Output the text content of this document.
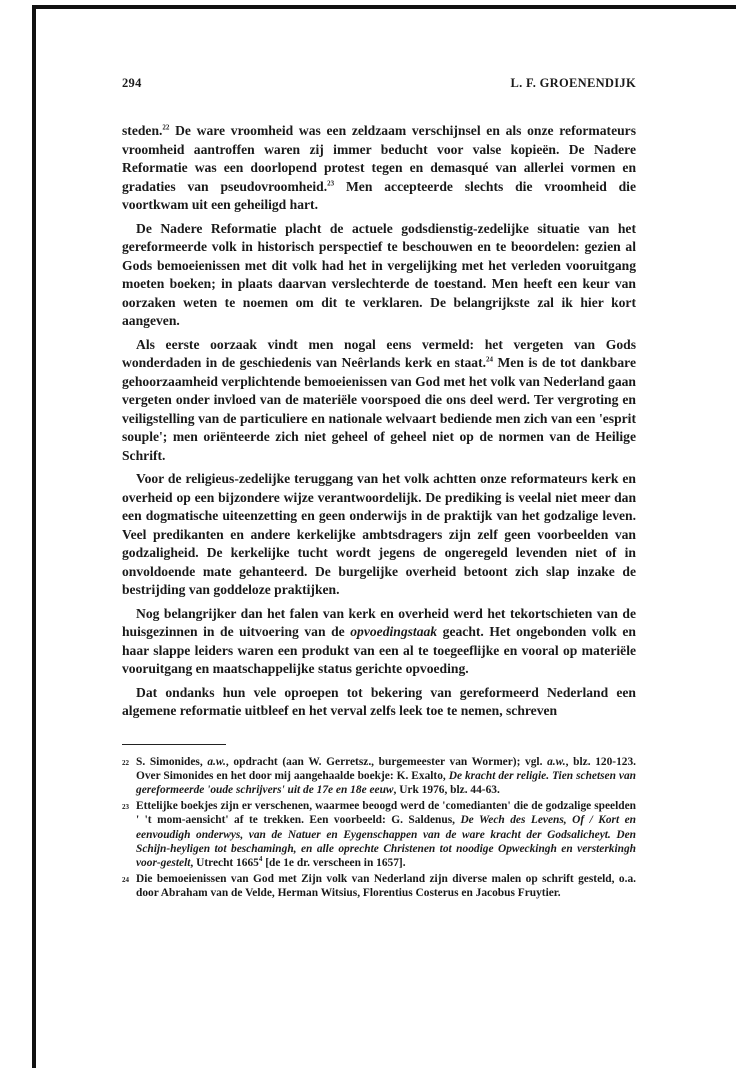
294	L. F. GROENENDIJK

steden.$^{22}$ De ware vroomheid was een zeldzaam verschijnsel en als onze reformateurs vroomheid aantroffen waren zij immer beducht voor valse kopieën. De Nadere Reformatie was een doorlopend protest tegen en demasqué van allerlei vormen en gradaties van pseudovroomheid.$^{23}$ Men accepteerde slechts die vroomheid die voortkwam uit een geheiligd hart.

De Nadere Reformatie placht de actuele godsdienstig-zedelijke situatie van het gereformeerde volk in historisch perspectief te beschouwen en te beoordelen: gezien al Gods bemoeienissen met dit volk had het in vergelijking met het verleden vooruitgang moeten boeken; in plaats daarvan verslechterde de toestand. Men heeft een keur van oorzaken weten te noemen om dit te verklaren. De belangrijkste zal ik hier kort aangeven.

Als eerste oorzaak vindt men nogal eens vermeld: het vergeten van Gods wonderdaden in de geschiedenis van Neêrlands kerk en staat.$^{24}$ Men is de tot dankbare gehoorzaamheid verplichtende bemoeienissen van God met het volk van Nederland gaan vergeten onder invloed van de materiële voorspoed die ons deel werd. Ter vergroting en veiligstelling van de particuliere en nationale welvaart bediende men zich van een 'esprit souple'; men oriënteerde zich niet geheel of geheel niet op de normen van de Heilige Schrift.

Voor de religieus-zedelijke teruggang van het volk achtten onze reformateurs kerk en overheid op een bijzondere wijze verantwoordelijk. De prediking is veelal niet meer dan een dogmatische uiteenzetting en geen onderwijs in de praktijk van het godzalige leven. Veel predikanten en andere kerkelijke ambtsdragers zijn zelf geen voorbeelden van godzaligheid. De kerkelijke tucht wordt jegens de ongeregeld levenden niet of in onvoldoende mate gehanteerd. De burgelijke overheid betoont zich slap inzake de bestrijding van goddeloze praktijken.

Nog belangrijker dan het falen van kerk en overheid werd het tekortschieten van de huisgezinnen in de uitvoering van de opvoedingstaak geacht. Het ongebonden volk en haar slappe leiders waren een produkt van een al te toegeeflijke en vooral op materiële vooruitgang en maatschappelijke status gerichte opvoeding.

Dat ondanks hun vele oproepen tot bekering van gereformeerd Nederland een algemene reformatie uitbleef en het verval zelfs leek toe te nemen, schreven

22 S. Simonides, a.w., opdracht (aan W. Gerretsz., burgemeester van Wormer); vgl. a.w., blz. 120-123. Over Simonides en het door mij aangehaalde boekje: K. Exalto, De kracht der religie. Tien schetsen van gereformeerde 'oude schrijvers' uit de 17e en 18e eeuw, Urk 1976, blz. 44-63.
23 Ettelijke boekjes zijn er verschenen, waarmee beoogd werd de 'comedianten' die de godzalige speelden ' 't mom-aensicht' af te trekken. Een voorbeeld: G. Saldenus, De Wech des Levens, Of / Kort en eenvoudigh onderwys, van de Natuer en Eygenschappen van de ware kracht der Godsalicheyt. Den Schijn-heyligen tot beschamingh, en alle oprechte Christenen tot noodige Opweckingh en versterkingh voor-gestelt, Utrecht 1665$^4$ [de 1e dr. verscheen in 1657].
24 Die bemoeienissen van God met Zijn volk van Nederland zijn diverse malen op schrift gesteld, o.a. door Abraham van de Velde, Herman Witsius, Florentius Costerus en Jacobus Fruytier.
